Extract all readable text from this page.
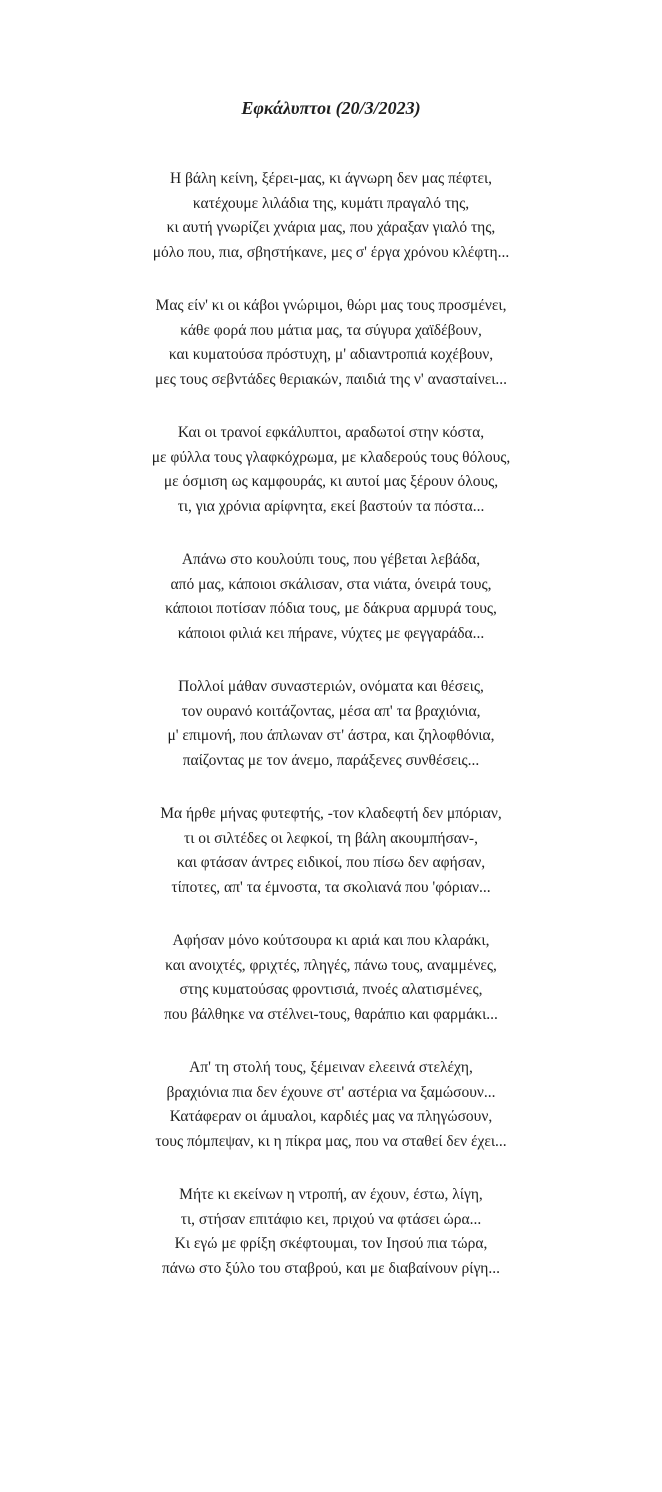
Εφκάλυπτοι (20/3/2023)

Η βάλη κείνη, ξέρει-μας, κι άγνωρη δεν μας πέφτει,
κατέχουμε λιλάδια της, κυμάτι πραγαλό της,
κι αυτή γνωρίζει χνάρια μας, που χάραξαν γιαλό της,
μόλο που, πια, σβηστήκανε, μες σ' έργα χρόνου κλέφτη...

Μας είν' κι οι κάβοι γνώριμοι, θώρι μας τους προσμένει,
κάθε φορά που μάτια μας, τα σύγυρα χαϊδέβουν,
και κυματούσα πρόστυχη, μ' αδιαντροπιά κοχέβουν,
μες τους σεβντάδες θεριακών, παιδιά της ν' ανασταίνει...

Και οι τρανοί εφκάλυπτοι, αραδωτοί στην κόστα,
με φύλλα τους γλαφκόχρωμα, με κλαδερούς τους θόλους,
με όσμιση ως καμφουράς, κι αυτοί μας ξέρουν όλους,
τι, για χρόνια αρίφνητα, εκεί βαστούν τα πόστα...

Απάνω στο κουλούπι τους, που γέβεται λεβάδα,
από μας, κάποιοι σκάλισαν, στα νιάτα, όνειρά τους,
κάποιοι ποτίσαν πόδια τους, με δάκρυα αρμυρά τους,
κάποιοι φιλιά κει πήρανε, νύχτες με φεγγαράδα...

Πολλοί μάθαν συναστεριών, ονόματα και θέσεις,
τον ουρανό κοιτάζοντας, μέσα απ' τα βραχιόνια,
μ' επιμονή, που άπλωναν στ' άστρα, και ζηλοφθόνια,
παίζοντας με τον άνεμο, παράξενες συνθέσεις...

Μα ήρθε μήνας φυτεφτής, -τον κλαδεφτή δεν μπόριαν,
τι οι σιλτέδες οι λεφκοί, τη βάλη ακουμπήσαν-,
και φτάσαν άντρες ειδικοί, που πίσω δεν αφήσαν,
τίποτες, απ' τα έμνοστα, τα σκολιανά που 'φόριαν...

Αφήσαν μόνο κούτσουρα κι αριά και που κλαράκι,
και ανοιχτές, φριχτές, πληγές, πάνω τους, αναμμένες,
στης κυματούσας φροντισιά, πνοές αλατισμένες,
που βάλθηκε να στέλνει-τους, θαράπιο και φαρμάκι...

Απ' τη στολή τους, ξέμειναν ελεεινά στελέχη,
βραχιόνια πια δεν έχουνε στ' αστέρια να ξαμώσουν...
Κατάφεραν οι άμυαλοι, καρδιές μας να πληγώσουν,
τους πόμπεψαν, κι η πίκρα μας, που να σταθεί δεν έχει...

Μήτε κι εκείνων η ντροπή, αν έχουν, έστω, λίγη,
τι, στήσαν επιτάφιο κει, πριχού να φτάσει ώρα...
Κι εγώ με φρίξη σκέφτουμαι, τον Ιησού πια τώρα,
πάνω στο ξύλο του σταβρού, και με διαβαίνουν ρίγη...
